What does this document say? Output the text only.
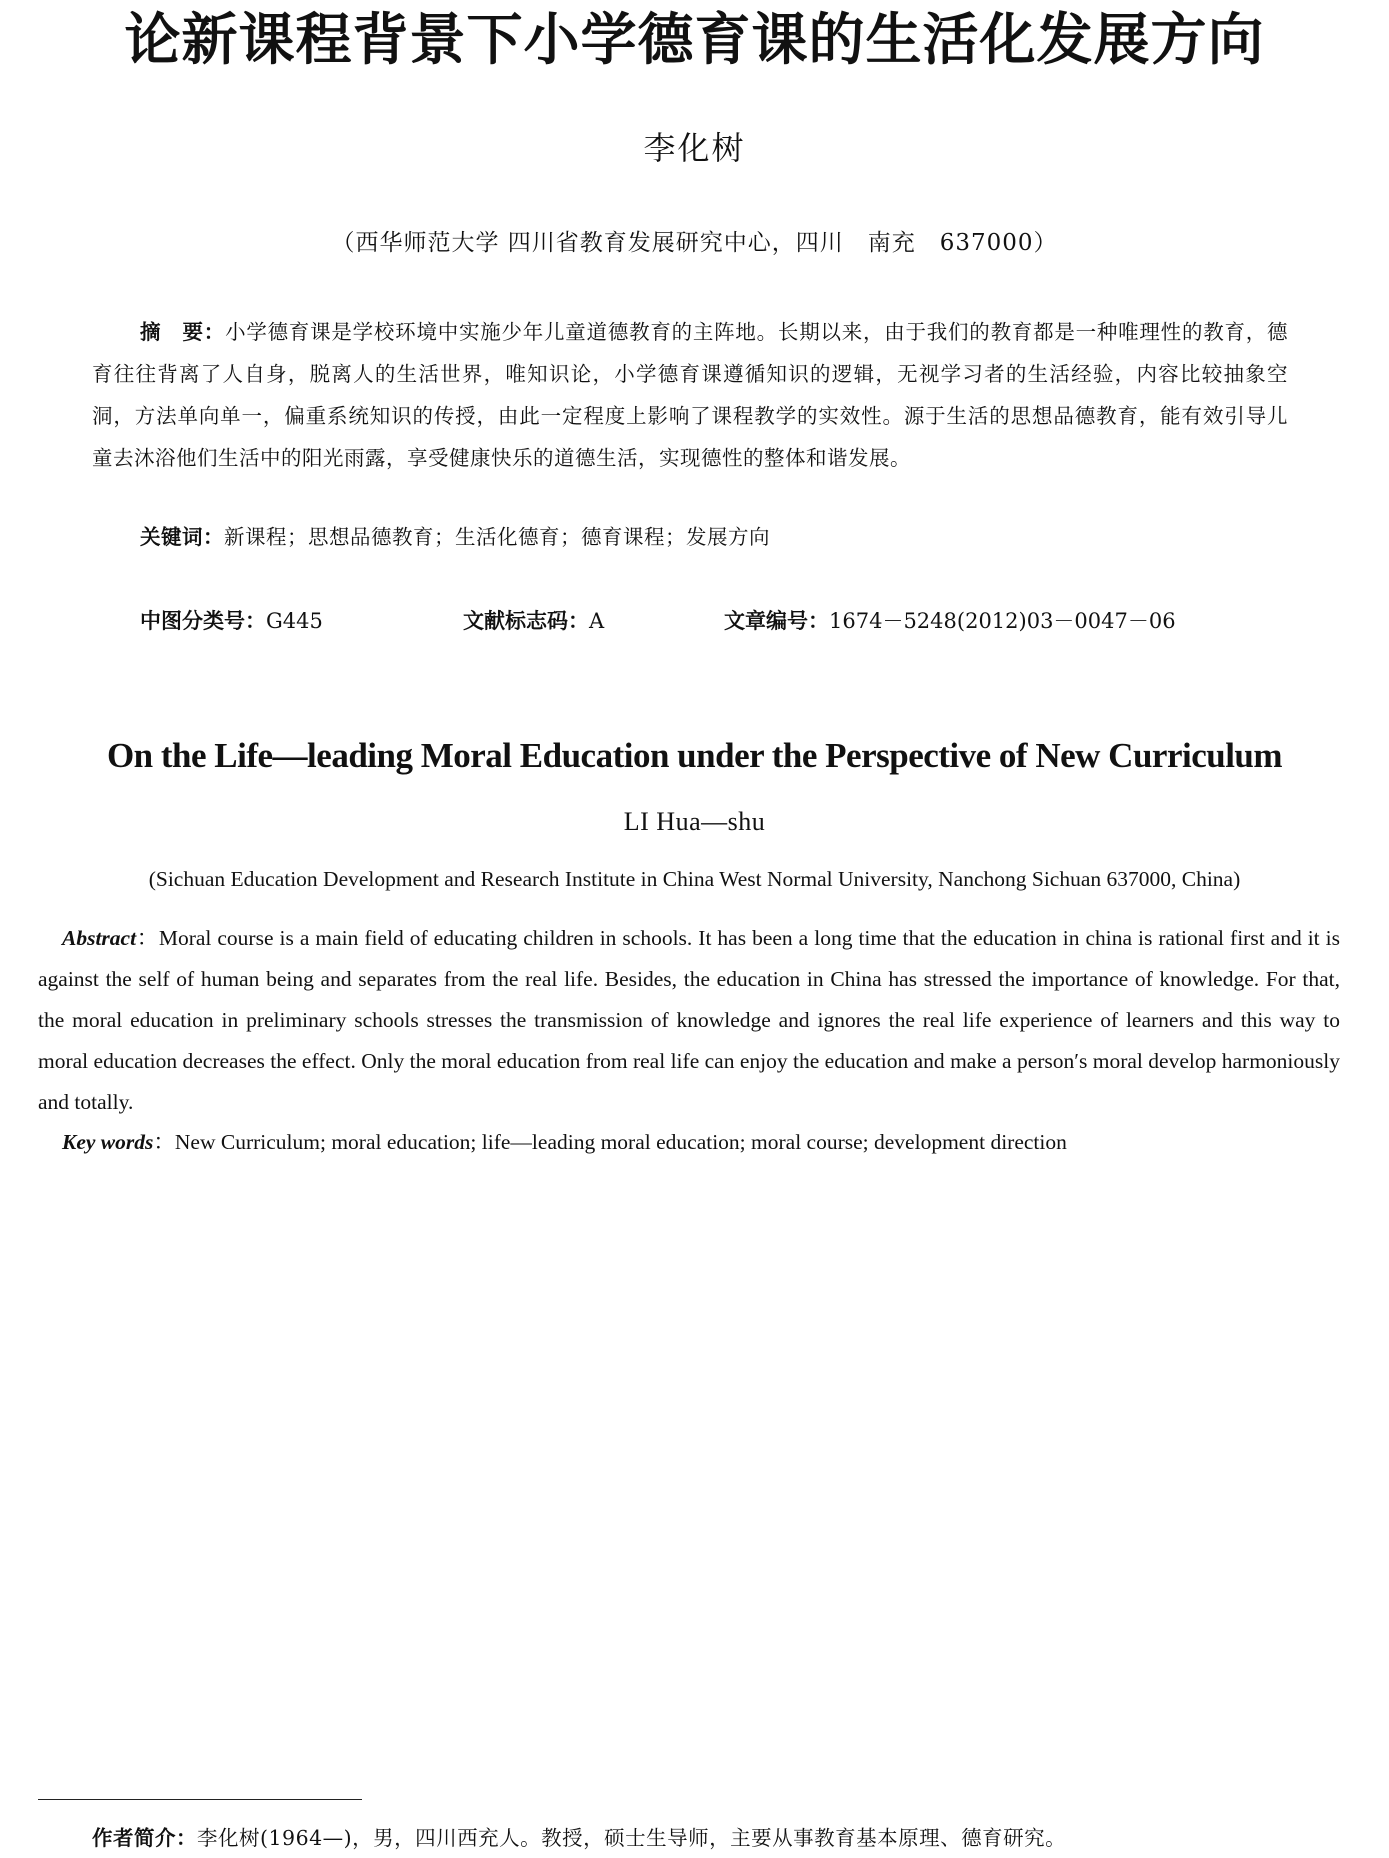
论新课程背景下小学德育课的生活化发展方向
李化树
（西华师范大学 四川省教育发展研究中心，四川　南充　637000）
摘　要：小学德育课是学校环境中实施少年儿童道德教育的主阵地。长期以来，由于我们的教育都是一种唯理性的教育，德育往往背离了人自身，脱离人的生活世界，唯知识论，小学德育课遵循知识的逻辑，无视学习者的生活经验，内容比较抽象空洞，方法单向单一，偏重系统知识的传授，由此一定程度上影响了课程教学的实效性。源于生活的思想品德教育，能有效引导儿童去沐浴他们生活中的阳光雨露，享受健康快乐的道德生活，实现德性的整体和谐发展。
关键词：新课程；思想品德教育；生活化德育；德育课程；发展方向
中图分类号：G445	文献标志码：A	文章编号：1674－5248(2012)03－0047－06
On the Life—leading Moral Education under the Perspective of New Curriculum
LI Hua—shu
(Sichuan Education Development and Research Institute in China West Normal University, Nanchong Sichuan 637000, China)
Abstract：Moral course is a main field of educating children in schools. It has been a long time that the education in china is rational first and it is against the self of human being and separates from the real life. Besides, the education in China has stressed the importance of knowledge. For that, the moral education in preliminary schools stresses the transmission of knowledge and ignores the real life experience of learners and this way to moral education decreases the effect. Only the moral education from real life can enjoy the education and make a person′s moral develop harmoniously and totally.
Key words：New Curriculum; moral education; life—leading moral education; moral course; development direction
作者简介：李化树(1964—)，男，四川西充人。教授，硕士生导师，主要从事教育基本原理、德育研究。
